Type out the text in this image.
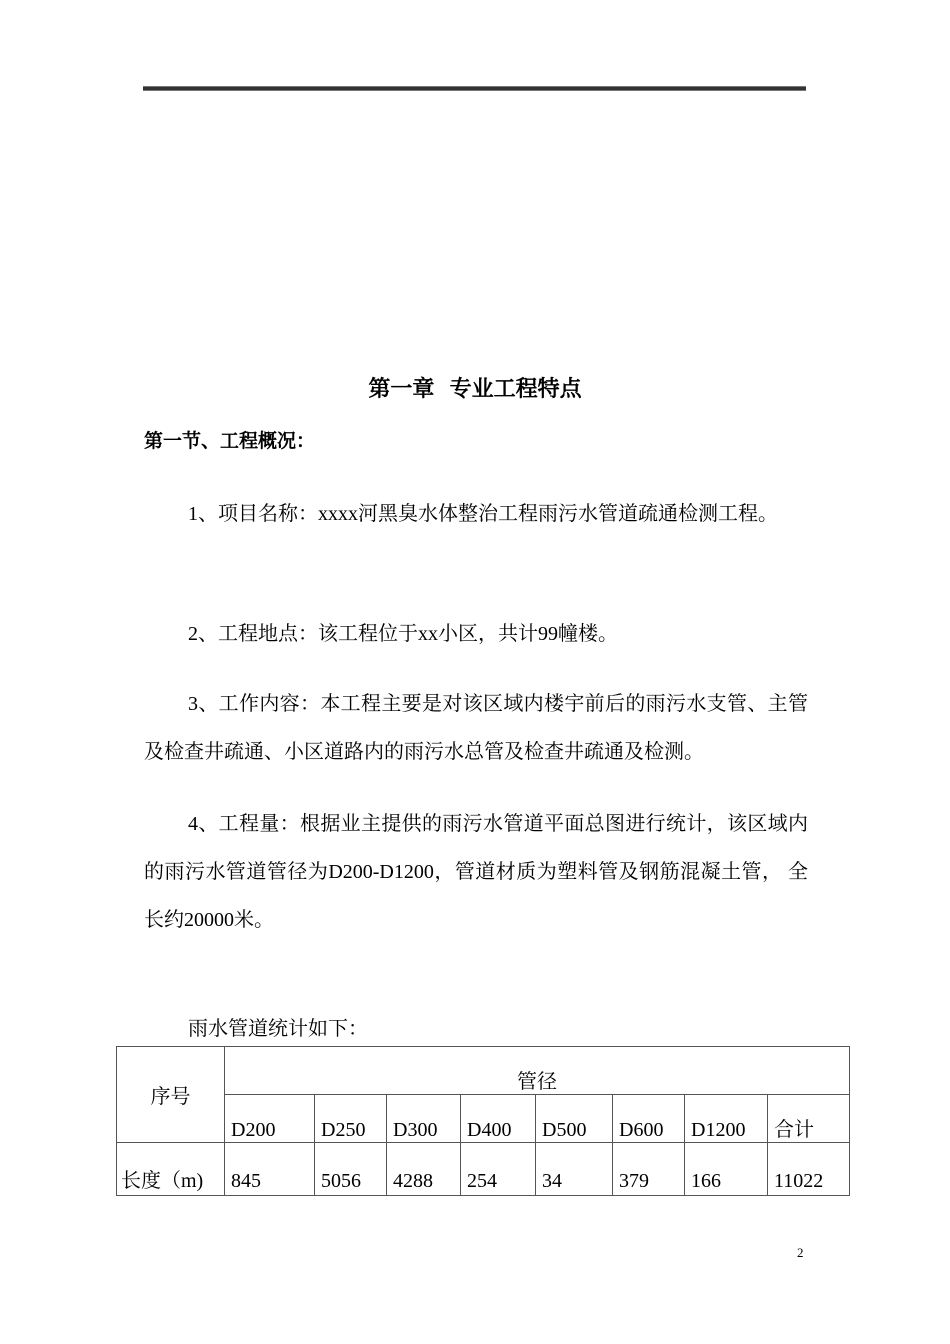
第一章  专业工程特点
第一节、工程概况：
1、项目名称：xxxx河黑臭水体整治工程雨污水管道疏通检测工程。
2、工程地点：该工程位于xx小区，共计99幢楼。
3、工作内容：本工程主要是对该区域内楼宇前后的雨污水支管、主管及检查井疏通、小区道路内的雨污水总管及检查井疏通及检测。
4、工程量：根据业主提供的雨污水管道平面总图进行统计，该区域内的雨污水管道管径为D200-D1200，管道材质为塑料管及钢筋混凝土管， 全长约20000米。
雨水管道统计如下：
序号	管径							
	D200	D250	D300	D400	D500	D600	D1200	合计
长度（m)	845	5056	4288	254	34	379	166	11022
2
